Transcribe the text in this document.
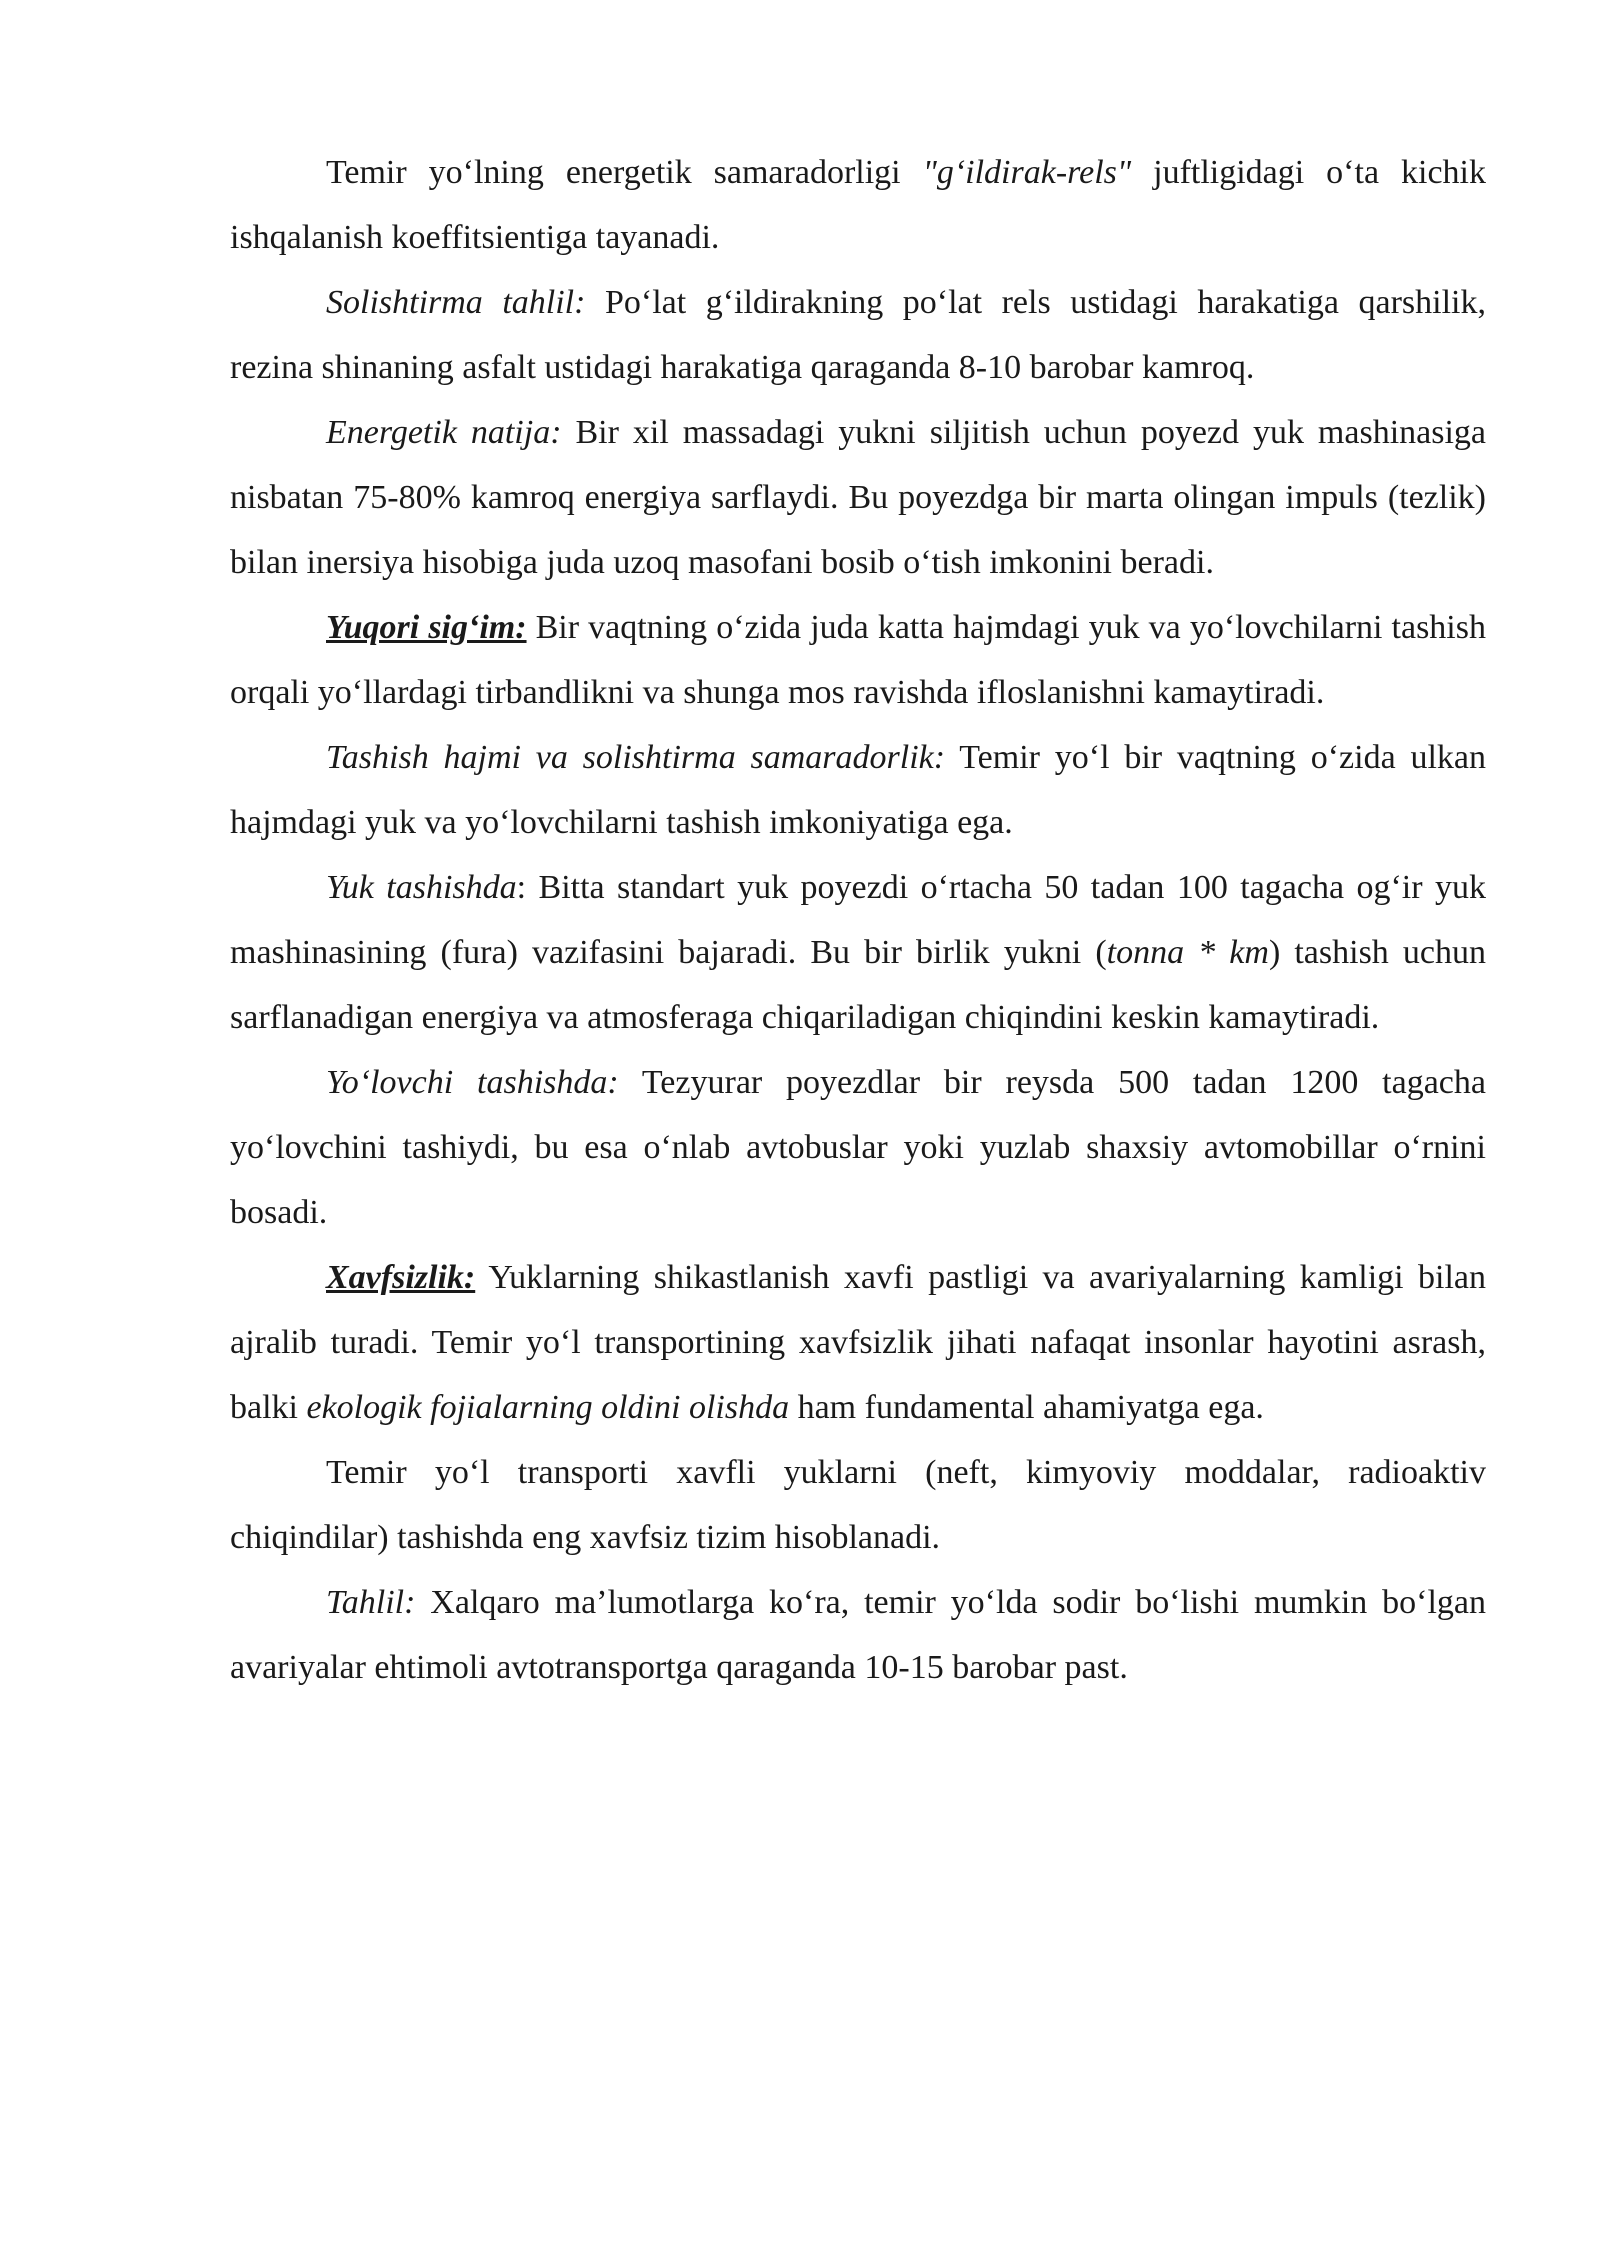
Temir yo‘lning energetik samaradorligi "g‘ildirak-rels" juftligidagi o‘ta kichik ishqalanish koeffitsientiga tayanadi.

Solishtirma tahlil: Po‘lat g‘ildirakning po‘lat rels ustidagi harakatiga qarshilik, rezina shinaning asfalt ustidagi harakatiga qaraganda 8-10 barobar kamroq.

Energetik natija: Bir xil massadagi yukni siljitish uchun poyezd yuk mashinasiga nisbatan 75-80% kamroq energiya sarflaydi. Bu poyezdga bir marta olingan impuls (tezlik) bilan inersiya hisobiga juda uzoq masofani bosib o‘tish imkonini beradi.

Yuqori sig‘im: Bir vaqtning o‘zida juda katta hajmdagi yuk va yo‘lovchilarni tashish orqali yo‘llardagi tirbandlikni va shunga mos ravishda ifloslanishni kamaytiradi.

Tashish hajmi va solishtirma samaradorlik: Temir yo‘l bir vaqtning o‘zida ulkan hajmdagi yuk va yo‘lovchilarni tashish imkoniyatiga ega.

Yuk tashishda: Bitta standart yuk poyezdi o‘rtacha 50 tadan 100 tagacha og‘ir yuk mashinasining (fura) vazifasini bajaradi. Bu bir birlik yukni (tonna * km) tashish uchun sarflanadigan energiya va atmosferaga chiqariladigan chiqindini keskin kamaytiradi.

Yo‘lovchi tashishda: Tezyurar poyezdlar bir reysda 500 tadan 1200 tagacha yo‘lovchini tashiydi, bu esa o‘nlab avtobuslar yoki yuzlab shaxsiy avtomobillar o‘rnini bosadi.

Xavfsizlik: Yuklarning shikastlanish xavfi pastligi va avariyalarning kamligi bilan ajralib turadi. Temir yo‘l transportining xavfsizlik jihati nafaqat insonlar hayotini asrash, balki ekologik fojialarning oldini olishda ham fundamental ahamiyatga ega.

Temir yo‘l transporti xavfli yuklarni (neft, kimyoviy moddalar, radioaktiv chiqindilar) tashishda eng xavfsiz tizim hisoblanadi.

Tahlil: Xalqaro ma’lumotlarga ko‘ra, temir yo‘lda sodir bo‘lishi mumkin bo‘lgan avariyalar ehtimoli avtotransportga qaraganda 10-15 barobar past.
